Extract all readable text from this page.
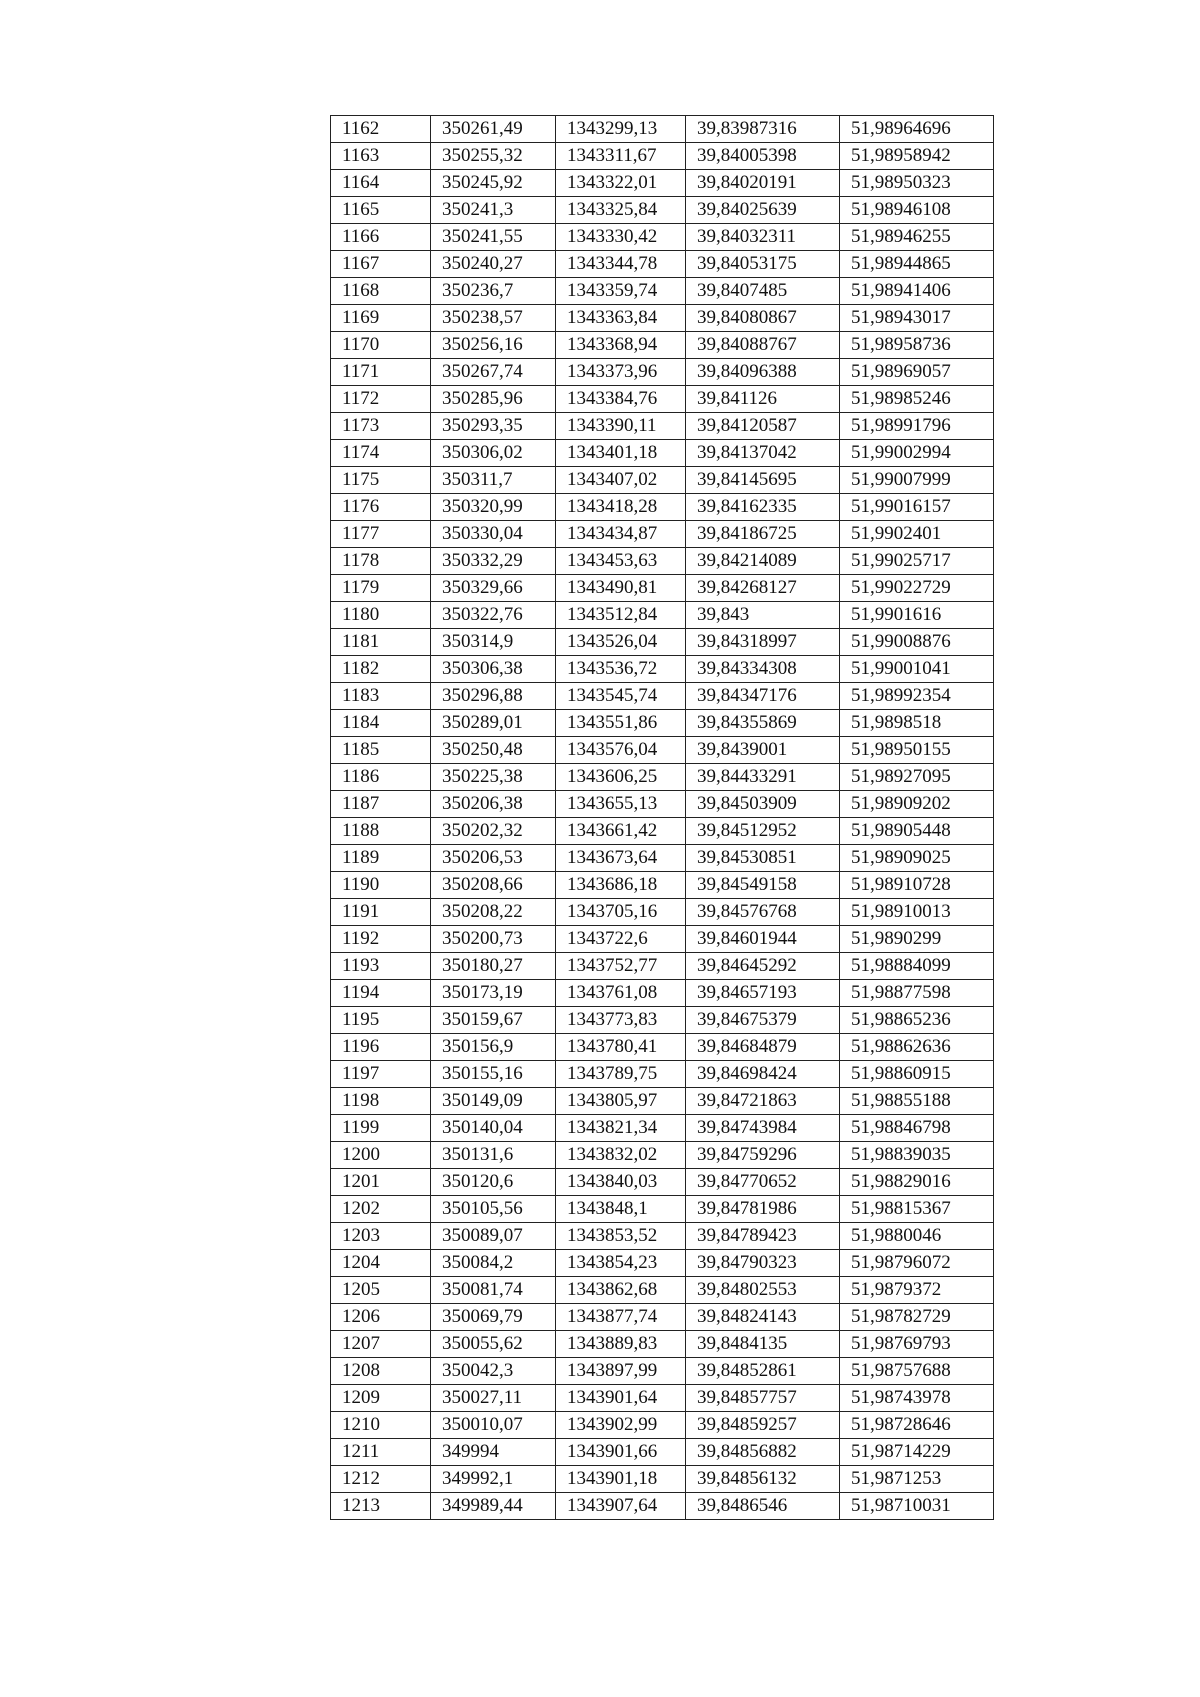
1162	350261,49	1343299,13	39,83987316	51,98964696
1163	350255,32	1343311,67	39,84005398	51,98958942
1164	350245,92	1343322,01	39,84020191	51,98950323
1165	350241,3	1343325,84	39,84025639	51,98946108
1166	350241,55	1343330,42	39,84032311	51,98946255
1167	350240,27	1343344,78	39,84053175	51,98944865
1168	350236,7	1343359,74	39,8407485	51,98941406
1169	350238,57	1343363,84	39,84080867	51,98943017
1170	350256,16	1343368,94	39,84088767	51,98958736
1171	350267,74	1343373,96	39,84096388	51,98969057
1172	350285,96	1343384,76	39,841126	51,98985246
1173	350293,35	1343390,11	39,84120587	51,98991796
1174	350306,02	1343401,18	39,84137042	51,99002994
1175	350311,7	1343407,02	39,84145695	51,99007999
1176	350320,99	1343418,28	39,84162335	51,99016157
1177	350330,04	1343434,87	39,84186725	51,9902401
1178	350332,29	1343453,63	39,84214089	51,99025717
1179	350329,66	1343490,81	39,84268127	51,99022729
1180	350322,76	1343512,84	39,843	51,9901616
1181	350314,9	1343526,04	39,84318997	51,99008876
1182	350306,38	1343536,72	39,84334308	51,99001041
1183	350296,88	1343545,74	39,84347176	51,98992354
1184	350289,01	1343551,86	39,84355869	51,9898518
1185	350250,48	1343576,04	39,8439001	51,98950155
1186	350225,38	1343606,25	39,84433291	51,98927095
1187	350206,38	1343655,13	39,84503909	51,98909202
1188	350202,32	1343661,42	39,84512952	51,98905448
1189	350206,53	1343673,64	39,84530851	51,98909025
1190	350208,66	1343686,18	39,84549158	51,98910728
1191	350208,22	1343705,16	39,84576768	51,98910013
1192	350200,73	1343722,6	39,84601944	51,9890299
1193	350180,27	1343752,77	39,84645292	51,98884099
1194	350173,19	1343761,08	39,84657193	51,98877598
1195	350159,67	1343773,83	39,84675379	51,98865236
1196	350156,9	1343780,41	39,84684879	51,98862636
1197	350155,16	1343789,75	39,84698424	51,98860915
1198	350149,09	1343805,97	39,84721863	51,98855188
1199	350140,04	1343821,34	39,84743984	51,98846798
1200	350131,6	1343832,02	39,84759296	51,98839035
1201	350120,6	1343840,03	39,84770652	51,98829016
1202	350105,56	1343848,1	39,84781986	51,98815367
1203	350089,07	1343853,52	39,84789423	51,9880046
1204	350084,2	1343854,23	39,84790323	51,98796072
1205	350081,74	1343862,68	39,84802553	51,9879372
1206	350069,79	1343877,74	39,84824143	51,98782729
1207	350055,62	1343889,83	39,8484135	51,98769793
1208	350042,3	1343897,99	39,84852861	51,98757688
1209	350027,11	1343901,64	39,84857757	51,98743978
1210	350010,07	1343902,99	39,84859257	51,98728646
1211	349994	1343901,66	39,84856882	51,98714229
1212	349992,1	1343901,18	39,84856132	51,9871253
1213	349989,44	1343907,64	39,8486546	51,98710031
